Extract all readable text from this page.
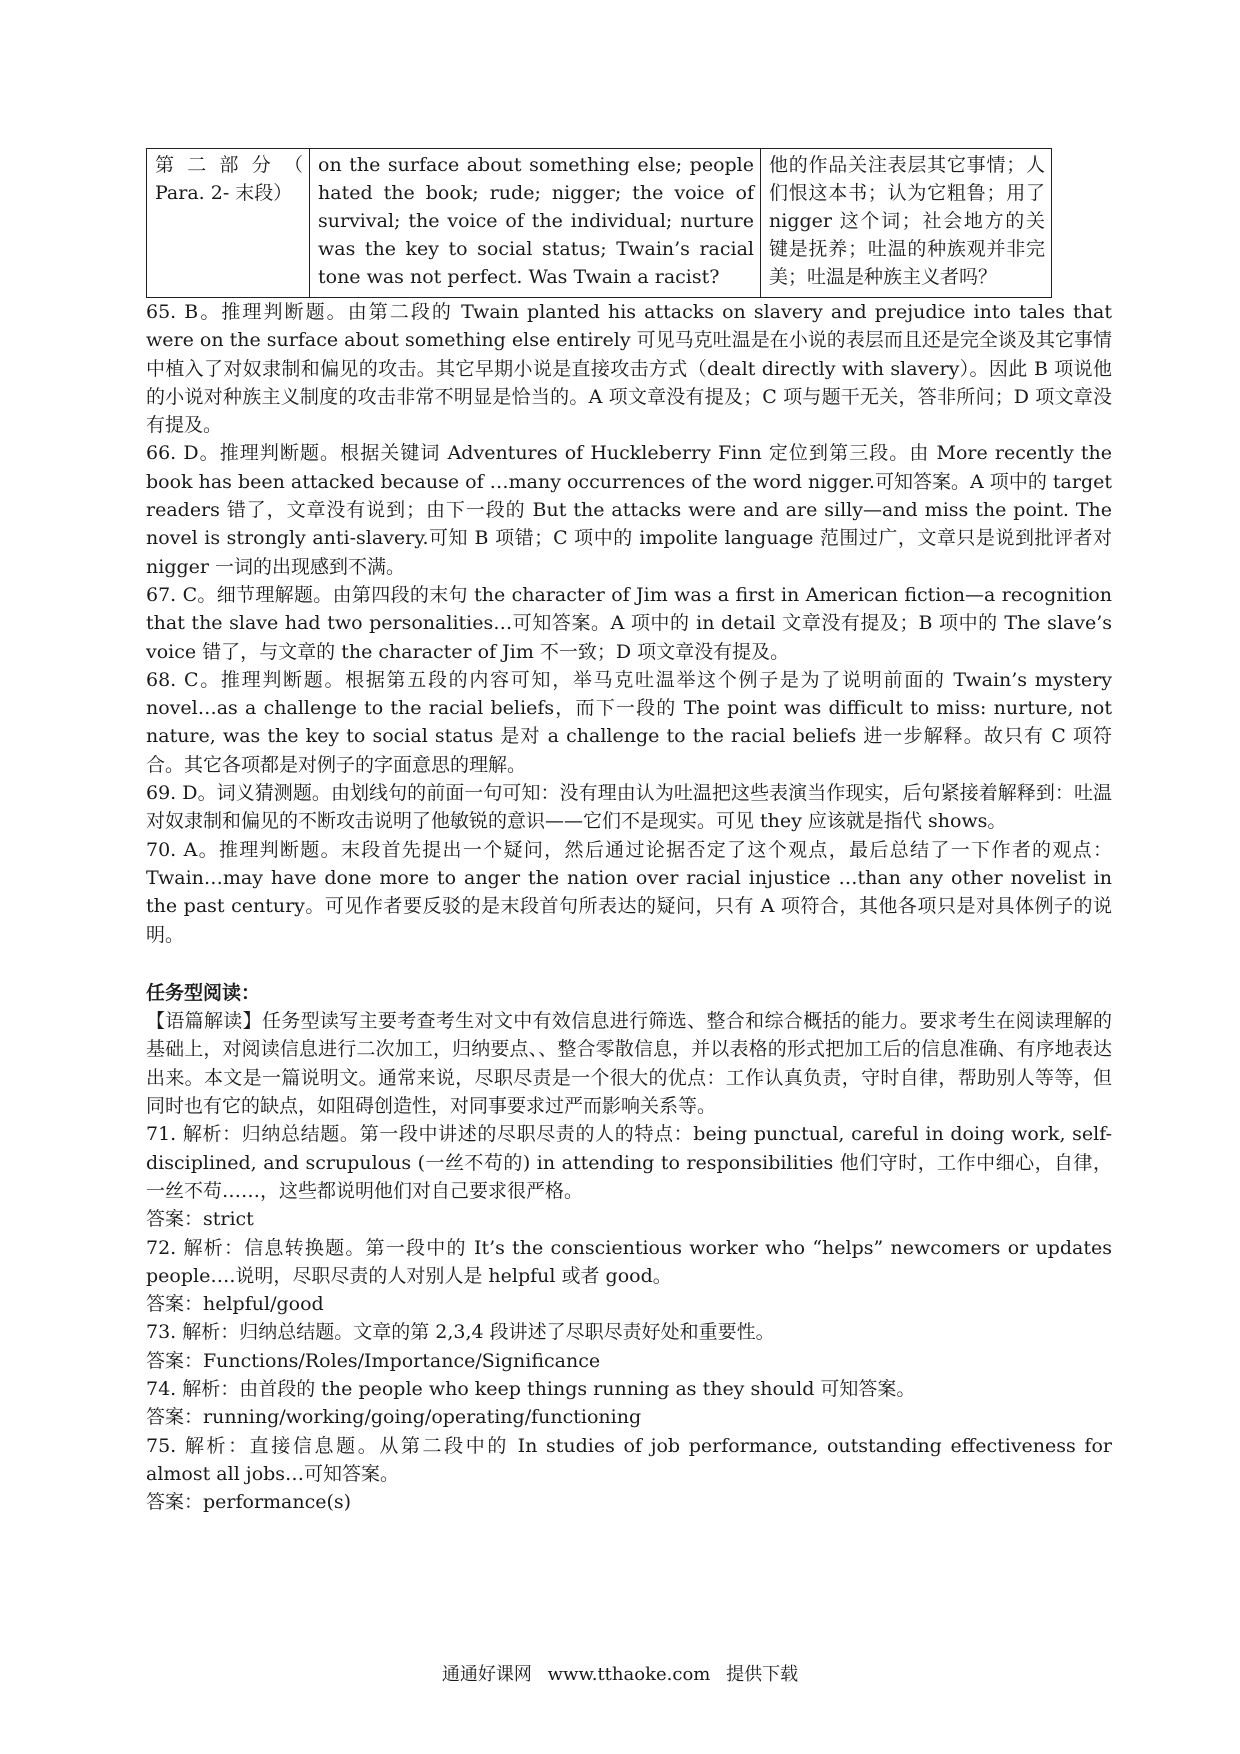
第二部分（ Para. 2- 末段）	on the surface about something else; people hated the book; rude; nigger; the voice of survival; the voice of the individual; nurture was the key to social status; Twain’s racial tone was not perfect. Was Twain a racist?	他的作品关注表层其它事情；人们恨这本书；认为它粗鲁；用了 nigger 这个词；社会地方的关键是抚养；吐温的种族观并非完美；吐温是种族主义者吗？

65. B。推理判断题。由第二段的 Twain planted his attacks on slavery and prejudice into tales that were on the surface about something else entirely 可见马克吐温是在小说的表层而且还是完全谈及其它事情中植入了对奴隶制和偏见的攻击。其它早期小说是直接攻击方式（dealt directly with slavery）。因此 B 项说他的小说对种族主义制度的攻击非常不明显是恰当的。A 项文章没有提及；C 项与题干无关，答非所问；D 项文章没有提及。

66. D。推理判断题。根据关键词 Adventures of Huckleberry Finn 定位到第三段。由 More recently the book has been attacked because of …many occurrences of the word nigger.可知答案。A 项中的 target readers 错了，文章没有说到；由下一段的 But the attacks were and are silly—and miss the point. The novel is strongly anti-slavery.可知 B 项错；C 项中的 impolite language 范围过广，文章只是说到批评者对 nigger 一词的出现感到不满。

67. C。细节理解题。由第四段的末句 the character of Jim was a first in American fiction—a recognition that the slave had two personalities…可知答案。A 项中的 in detail 文章没有提及；B 项中的 The slave’s voice 错了，与文章的 the character of Jim 不一致；D 项文章没有提及。

68. C。推理判断题。根据第五段的内容可知，举马克吐温举这个例子是为了说明前面的 Twain’s mystery novel…as a challenge to the racial beliefs，而下一段的 The point was difficult to miss: nurture, not nature, was the key to social status 是对 a challenge to the racial beliefs 进一步解释。故只有 C 项符合。其它各项都是对例子的字面意思的理解。

69. D。词义猜测题。由划线句的前面一句可知：没有理由认为吐温把这些表演当作现实，后句紧接着解释到：吐温对奴隶制和偏见的不断攻击说明了他敏锐的意识——它们不是现实。可见 they 应该就是指代 shows。

70. A。推理判断题。末段首先提出一个疑问，然后通过论据否定了这个观点，最后总结了一下作者的观点：Twain…may have done more to anger the nation over racial injustice …than any other novelist in the past century。可见作者要反驳的是末段首句所表达的疑问，只有 A 项符合，其他各项只是对具体例子的说明。

任务型阅读：

【语篇解读】任务型读写主要考查考生对文中有效信息进行筛选、整合和综合概括的能力。要求考生在阅读理解的基础上，对阅读信息进行二次加工，归纳要点、、整合零散信息，并以表格的形式把加工后的信息准确、有序地表达出来。本文是一篇说明文。通常来说，尽职尽责是一个很大的优点：工作认真负责，守时自律，帮助别人等等，但同时也有它的缺点，如阻碍创造性，对同事要求过严而影响关系等。

71. 解析：归纳总结题。第一段中讲述的尽职尽责的人的特点：being punctual, careful in doing work, self-disciplined, and scrupulous (一丝不苟的) in attending to responsibilities 他们守时，工作中细心，自律，一丝不苟……，这些都说明他们对自己要求很严格。

答案：strict

72. 解析：信息转换题。第一段中的 It’s the conscientious worker who “helps” newcomers or updates people….说明，尽职尽责的人对别人是 helpful 或者 good。

答案：helpful/good

73. 解析：归纳总结题。文章的第 2,3,4 段讲述了尽职尽责好处和重要性。

答案：Functions/Roles/Importance/Significance

74. 解析：由首段的 the people who keep things running as they should 可知答案。

答案：running/working/going/operating/functioning

75. 解析：直接信息题。从第二段中的 In studies of job performance, outstanding effectiveness for almost all jobs…可知答案。

答案：performance(s)

通通好课网 www.tthaoke.com 提供下载
